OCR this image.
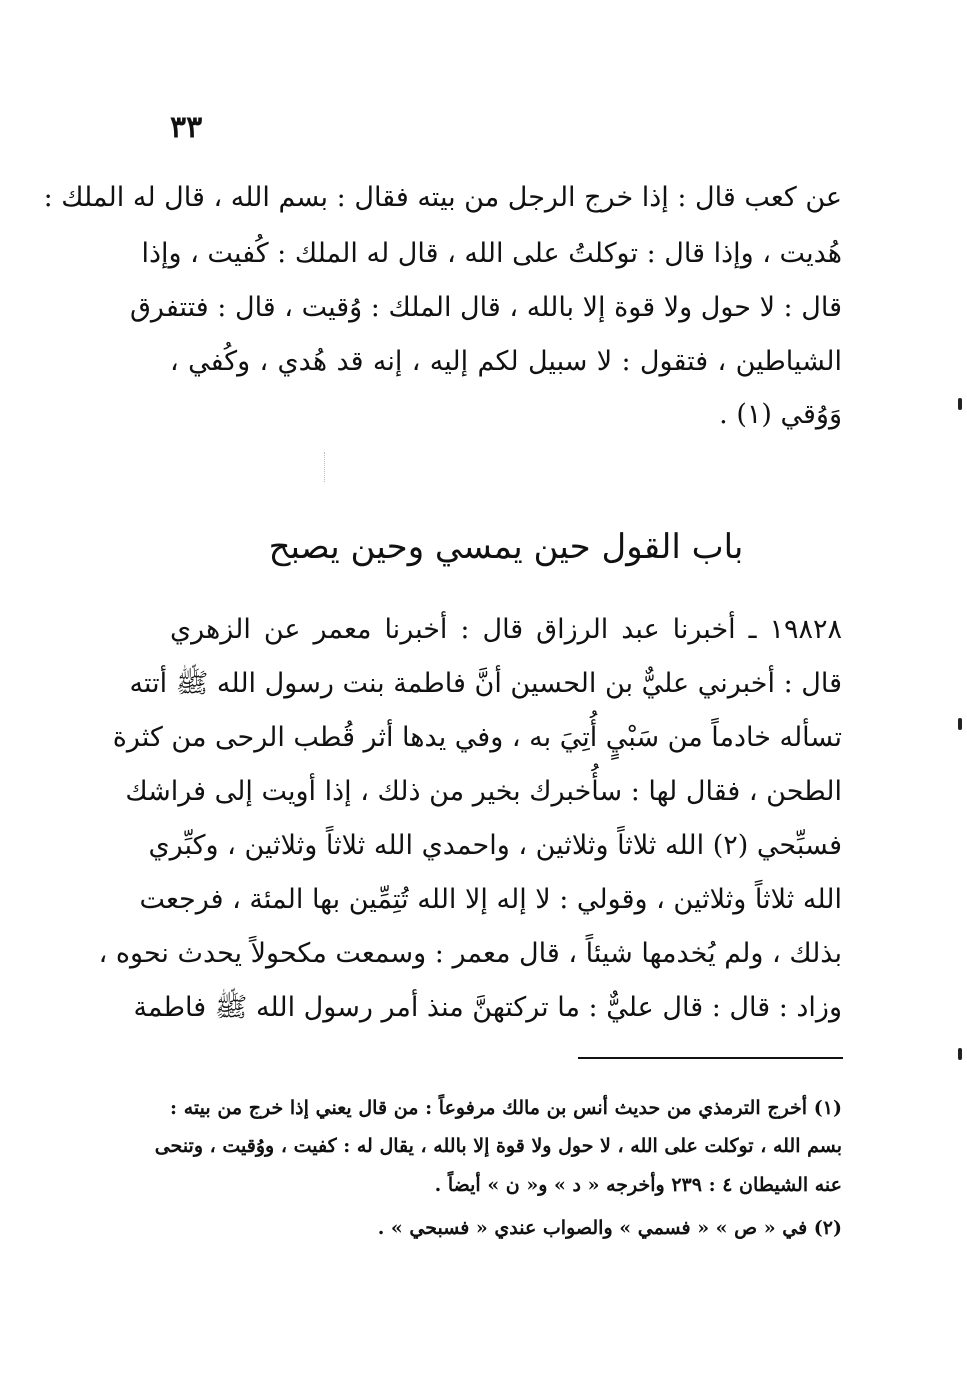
٣٣
عن كعب قال : إذا خرج الرجل من بيته فقال : بسم الله ، قال له الملك :
هُديت ، وإذا قال : توكلتُ على الله ، قال له الملك : كُفيت ، وإذا
قال : لا حول ولا قوة إلا بالله ، قال الملك : وُقيت ، قال : فتتفرق
الشياطين ، فتقول : لا سبيل لكم إليه ، إنه قد هُدي ، وكُفي ،
وَوُقي (١) .
باب القول حين يمسي وحين يصبح
١٩٨٢٨ ـ أخبرنا عبد الرزاق قال : أخبرنا معمر عن الزهري
قال : أخبرني عليٌّ بن الحسين أنَّ فاطمة بنت رسول الله ﷺ أتته
تسأله خادماً من سَبْيٍ أُتِيَ به ، وفي يدها أثر قُطب الرحى من كثرة
الطحن ، فقال لها : سأُخبرك بخير من ذلك ، إذا أويت إلى فراشك
فسبِّحي (٢) الله ثلاثاً وثلاثين ، واحمدي الله ثلاثاً وثلاثين ، وكبِّري
الله ثلاثاً وثلاثين ، وقولي : لا إله إلا الله تُتِمِّين بها المئة ، فرجعت
بذلك ، ولم يُخدمها شيئاً ، قال معمر : وسمعت مكحولاً يحدث نحوه ،
وزاد : قال : قال عليٌّ : ما تركتهنَّ منذ أمر رسول الله ﷺ فاطمة
(١) أخرج الترمذي من حديث أنس بن مالك مرفوعاً : من قال يعني إذا خرج من بيته :
بسم الله ، توكلت على الله ، لا حول ولا قوة إلا بالله ، يقال له : كفيت ، ووُقيت ، وتنحى
عنه الشيطان ٤ : ٢٣٩ وأخرجه « د » و« ن » أيضاً .
(٢) في « ص » « فسمي » والصواب عندي « فسبحي » .
